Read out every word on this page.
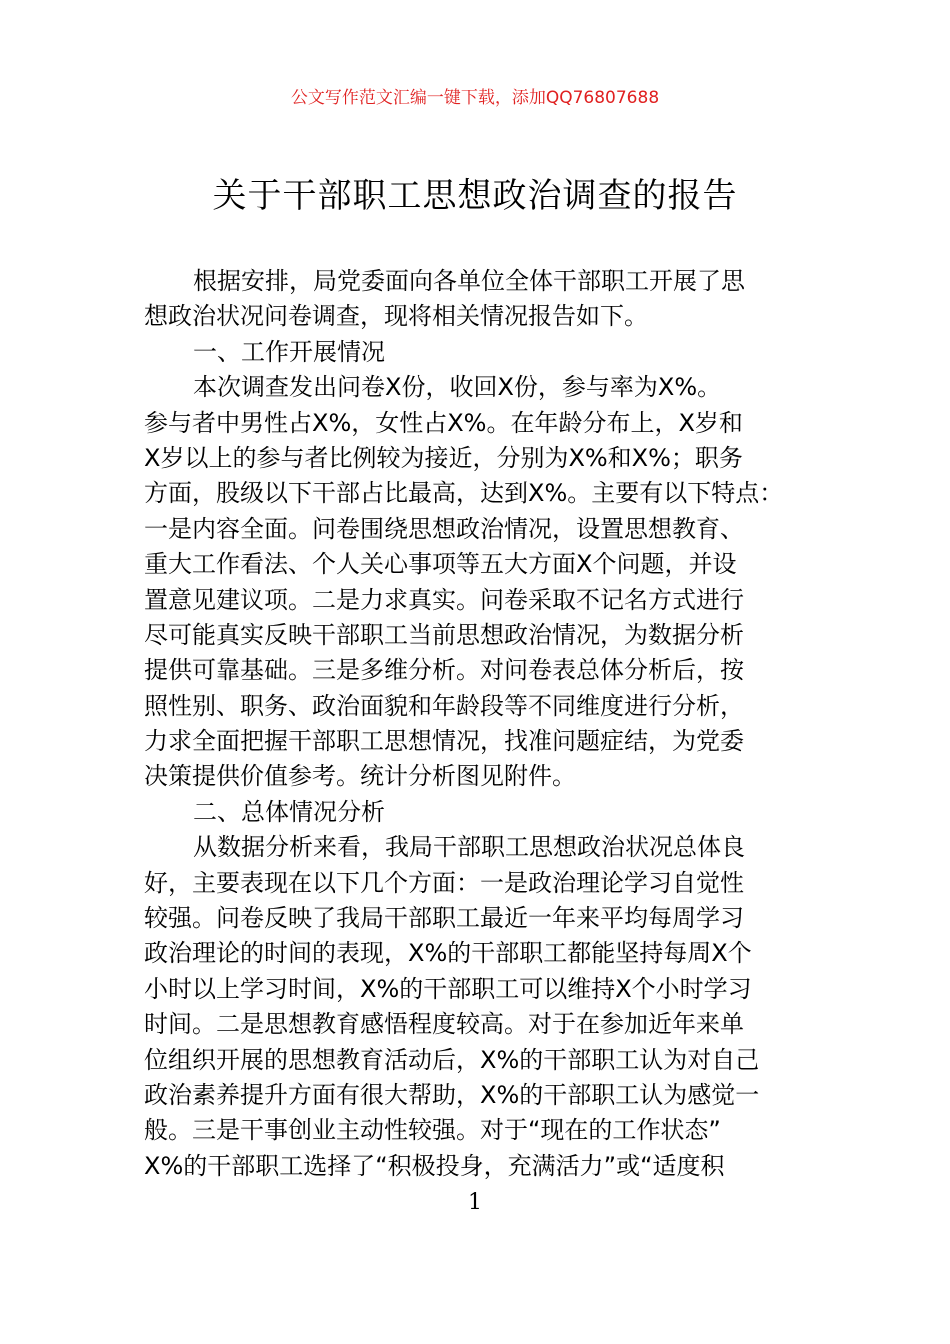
公文写作范文汇编一键下载，添加QQ76807688
关于干部职工思想政治调查的报告
根据安排，局党委面向各单位全体干部职工开展了思
想政治状况问卷调查，现将相关情况报告如下。
一、工作开展情况
本次调查发出问卷X份，收回X份，参与率为X%。
参与者中男性占X%，女性占X%。在年龄分布上，X岁和
X岁以上的参与者比例较为接近，分别为X%和X%；职务
方面，股级以下干部占比最高，达到X%。主要有以下特点：
一是内容全面。问卷围绕思想政治情况，设置思想教育、
重大工作看法、个人关心事项等五大方面X个问题，并设
置意见建议项。二是力求真实。问卷采取不记名方式进行
尽可能真实反映干部职工当前思想政治情况，为数据分析
提供可靠基础。三是多维分析。对问卷表总体分析后，按
照性别、职务、政治面貌和年龄段等不同维度进行分析，
力求全面把握干部职工思想情况，找准问题症结，为党委
决策提供价值参考。统计分析图见附件。
二、总体情况分析
从数据分析来看，我局干部职工思想政治状况总体良
好，主要表现在以下几个方面：一是政治理论学习自觉性
较强。问卷反映了我局干部职工最近一年来平均每周学习
政治理论的时间的表现，X%的干部职工都能坚持每周X个
小时以上学习时间，X%的干部职工可以维持X个小时学习
时间。二是思想教育感悟程度较高。对于在参加近年来单
位组织开展的思想教育活动后，X%的干部职工认为对自己
政治素养提升方面有很大帮助，X%的干部职工认为感觉一
般。三是干事创业主动性较强。对于“现在的工作状态”
X%的干部职工选择了“积极投身，充满活力”或“适度积
1
